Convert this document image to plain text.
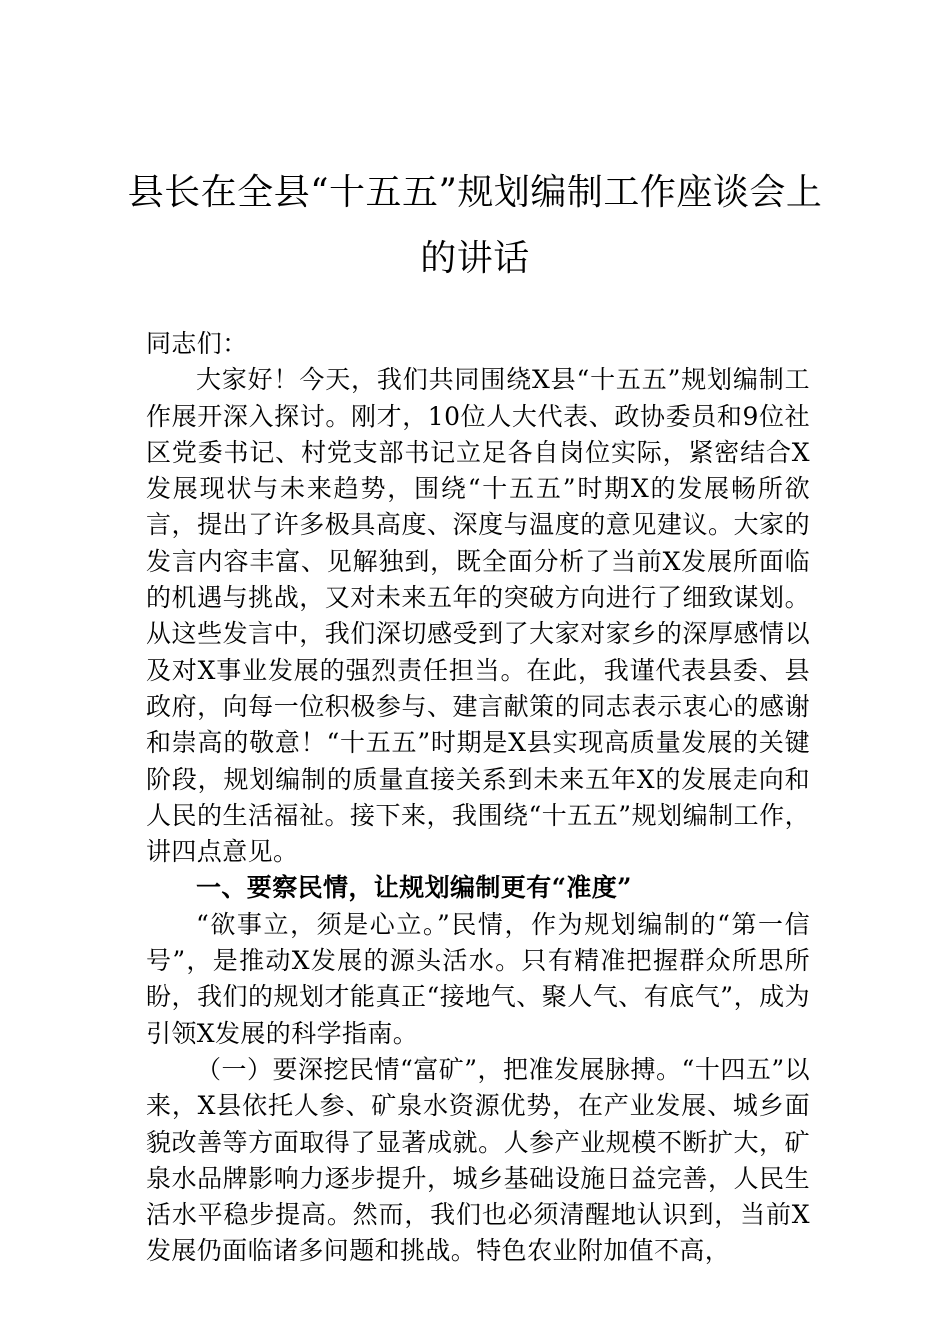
县长在全县“十五五”规划编制工作座谈会上
的讲话

同志们：

大家好！今天，我们共同围绕X县“十五五”规划编制工作展开深入探讨。刚才，10位人大代表、政协委员和9位社区党委书记、村党支部书记立足各自岗位实际，紧密结合X发展现状与未来趋势，围绕“十五五”时期X的发展畅所欲言，提出了许多极具高度、深度与温度的意见建议。大家的发言内容丰富、见解独到，既全面分析了当前X发展所面临的机遇与挑战，又对未来五年的突破方向进行了细致谋划。从这些发言中，我们深切感受到了大家对家乡的深厚感情以及对X事业发展的强烈责任担当。在此，我谨代表县委、县政府，向每一位积极参与、建言献策的同志表示衷心的感谢和崇高的敬意！“十五五”时期是X县实现高质量发展的关键阶段，规划编制的质量直接关系到未来五年X的发展走向和人民的生活福祉。接下来，我围绕“十五五”规划编制工作，讲四点意见。

一、要察民情，让规划编制更有“准度”

“欲事立，须是心立。”民情，作为规划编制的“第一信号”，是推动X发展的源头活水。只有精准把握群众所思所盼，我们的规划才能真正“接地气、聚人气、有底气”，成为引领X发展的科学指南。

（一）要深挖民情“富矿”，把准发展脉搏。“十四五”以来，X县依托人参、矿泉水资源优势，在产业发展、城乡面貌改善等方面取得了显著成就。人参产业规模不断扩大，矿泉水品牌影响力逐步提升，城乡基础设施日益完善，人民生活水平稳步提高。然而，我们也必须清醒地认识到，当前X发展仍面临诸多问题和挑战。特色农业附加值不高，
